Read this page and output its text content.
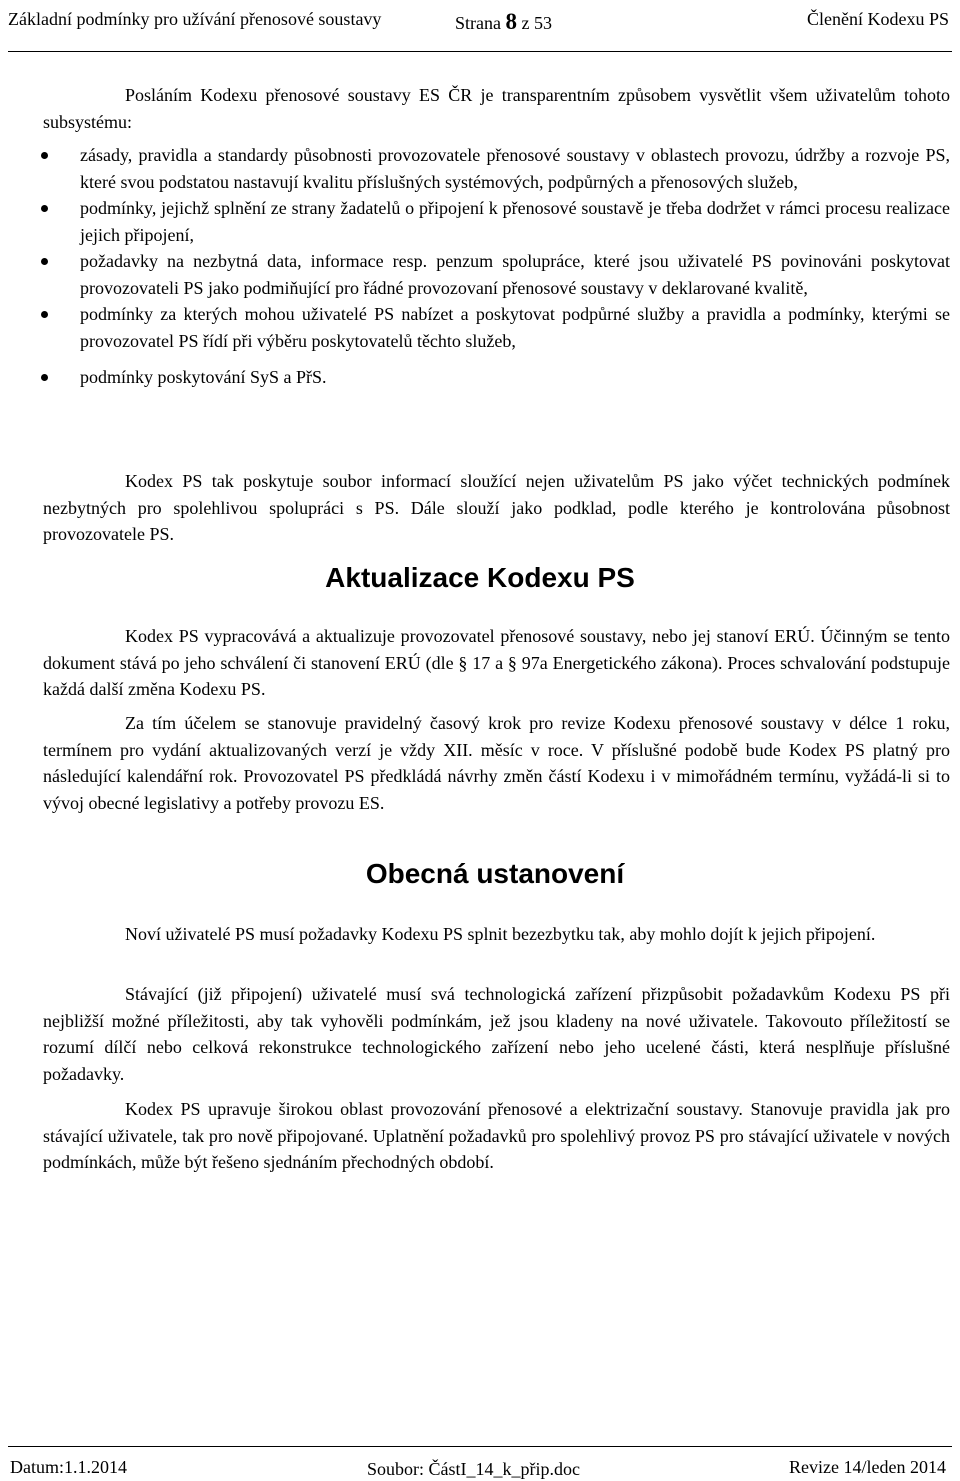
Základní podmínky pro užívání přenosové soustavy	Strana 8 z 53	Členění Kodexu PS
Posláním Kodexu přenosové soustavy ES ČR je transparentním způsobem vysvětlit všem uživatelům tohoto subsystému:
zásady, pravidla a standardy působnosti provozovatele přenosové soustavy v oblastech provozu, údržby a rozvoje PS, které svou podstatou nastavují kvalitu příslušných systémových, podpůrných a přenosových služeb,
podmínky, jejichž splnění ze strany žadatelů o připojení k přenosové soustavě je třeba dodržet v rámci procesu realizace jejich připojení,
požadavky na nezbytná data, informace resp. penzum spolupráce, které jsou uživatelé PS povinováni poskytovat provozovateli PS jako podmiňující pro řádné provozovaní přenosové soustavy v deklarované kvalitě,
podmínky za kterých mohou uživatelé PS nabízet a poskytovat podpůrné služby a pravidla a podmínky, kterými se provozovatel PS řídí při výběru poskytovatelů těchto služeb,
podmínky poskytování SyS a PřS.
Kodex PS tak poskytuje soubor informací sloužící nejen uživatelům PS jako výčet technických podmínek nezbytných pro spolehlivou spolupráci s PS. Dále slouží jako podklad, podle kterého je kontrolována působnost provozovatele PS.
Aktualizace Kodexu PS
Kodex PS vypracovává a aktualizuje provozovatel přenosové soustavy, nebo jej stanoví ERÚ. Účinným se tento dokument stává po jeho schválení či stanovení ERÚ (dle § 17 a § 97a Energetického zákona). Proces schvalování podstupuje každá další změna Kodexu PS.
Za tím účelem se stanovuje pravidelný časový krok pro revize Kodexu přenosové soustavy v délce 1 roku, termínem pro vydání aktualizovaných verzí je vždy XII. měsíc v roce. V příslušné podobě bude Kodex PS platný pro následující kalendářní rok. Provozovatel PS předkládá návrhy změn částí Kodexu i v mimořádném termínu, vyžádá-li si to vývoj obecné legislativy a potřeby provozu ES.
Obecná ustanovení
Noví uživatelé PS musí požadavky Kodexu PS splnit bezezbytku tak, aby mohlo dojít k jejich připojení.
Stávající (již připojení) uživatelé musí svá technologická zařízení přizpůsobit požadavkům Kodexu PS při nejbližší možné příležitosti, aby tak vyhověli podmínkám, jež jsou kladeny na nové uživatele. Takovouto příležitostí se rozumí dílčí nebo celková rekonstrukce technologického zařízení nebo jeho ucelené části, která nesplňuje příslušné požadavky.
Kodex PS upravuje širokou oblast provozování přenosové a elektrizační soustavy. Stanovuje pravidla jak pro stávající uživatele, tak pro nově připojované. Uplatnění požadavků pro spolehlivý provoz PS pro stávající uživatele v nových podmínkách, může být řešeno sjednáním přechodných období.
Datum:1.1.2014	Soubor: ČástI_14_k_přip.doc	Revize 14/leden 2014
